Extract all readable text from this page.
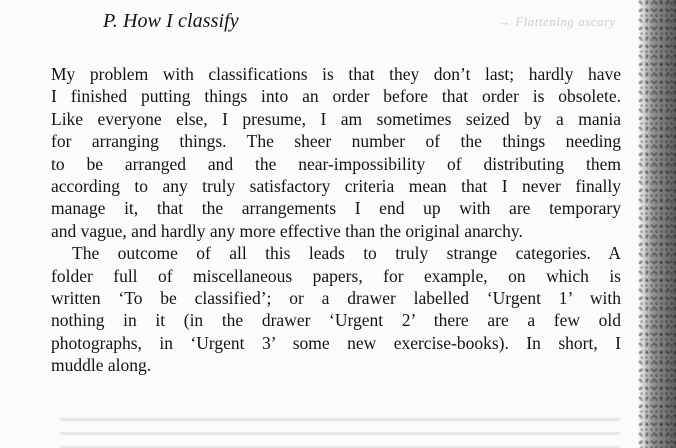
→ Flattening ascary
P. How I classify
My problem with classifications is that they don’t last; hardly have
I finished putting things into an order before that order is obsolete.
Like everyone else, I presume, I am sometimes seized by a mania
for arranging things. The sheer number of the things needing
to be arranged and the near-impossibility of distributing them
according to any truly satisfactory criteria mean that I never finally
manage it, that the arrangements I end up with are temporary
and vague, and hardly any more effective than the original anarchy.
The outcome of all this leads to truly strange categories. A
folder full of miscellaneous papers, for example, on which is
written ‘To be classified’; or a drawer labelled ‘Urgent 1’ with
nothing in it (in the drawer ‘Urgent 2’ there are a few old
photographs, in ‘Urgent 3’ some new exercise-books). In short, I
muddle along.
